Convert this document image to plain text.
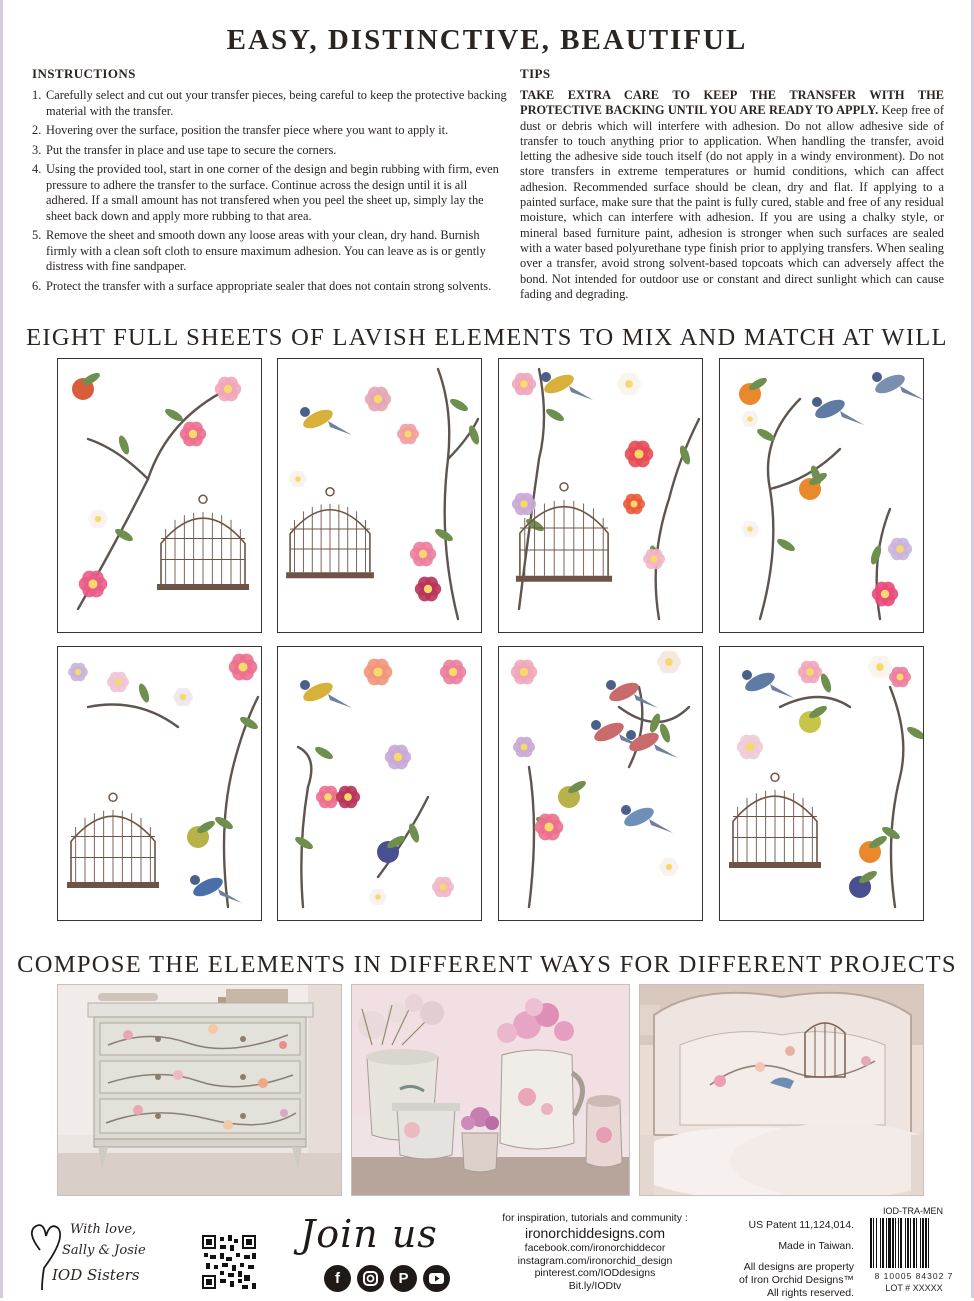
EASY, DISTINCTIVE, BEAUTIFUL
INSTRUCTIONS
1. Carefully select and cut out your transfer pieces, being careful to keep the protective backing material with the transfer.
2. Hovering over the surface, position the transfer piece where you want to apply it.
3. Put the transfer in place and use tape to secure the corners.
4. Using the provided tool, start in one corner of the design and begin rubbing with firm, even pressure to adhere the transfer to the surface. Continue across the design until it is all adhered. If a small amount has not transfered when you peel the sheet up, simply lay the sheet back down and apply more rubbing to that area.
5. Remove the sheet and smooth down any loose areas with your clean, dry hand. Burnish firmly with a clean soft cloth to ensure maximum adhesion. You can leave as is or gently distress with fine sandpaper.
6. Protect the transfer with a surface appropriate sealer that does not contain strong solvents.
TIPS

TAKE EXTRA CARE TO KEEP THE TRANSFER WITH THE PROTECTIVE BACKING UNTIL YOU ARE READY TO APPLY. Keep free of dust or debris which will interfere with adhesion. Do not allow adhesive side of transfer to touch anything prior to application. When handling the transfer, avoid letting the adhesive side touch itself (do not apply in a windy environment). Do not store transfers in extreme temperatures or humid conditions, which can affect adhesion. Recommended surface should be clean, dry and flat. If applying to a painted surface, make sure that the paint is fully cured, stable and free of any residual moisture, which can interfere with adhesion. If you are using a chalky style, or mineral based furniture paint, adhesion is stronger when such surfaces are sealed with a water based polyurethane type finish prior to applying transfers. When sealing over a transfer, avoid strong solvent-based topcoats which can adversely affect the bond. Not intended for outdoor use or constant and direct sunlight which can cause fading and degrading.

EIGHT FULL SHEETS OF LAVISH ELEMENTS TO MIX AND MATCH AT WILL
COMPOSE THE ELEMENTS IN DIFFERENT WAYS FOR DIFFERENT PROJECTS
With love,
Sally & Josie
IOD Sisters
Join us
f	P
for inspiration, tutorials and community :
ironorchiddesigns.com
facebook.com/ironorchiddecor
instagram.com/ironorchid_design
pinterest.com/IODdesigns
Bit.ly/IODtv
US Patent 11,124,014.
Made in Taiwan.
All designs are property
of Iron Orchid Designs™
All rights reserved.
IOD-TRA-MEN
8 10005 84302 7
LOT # XXXXX
